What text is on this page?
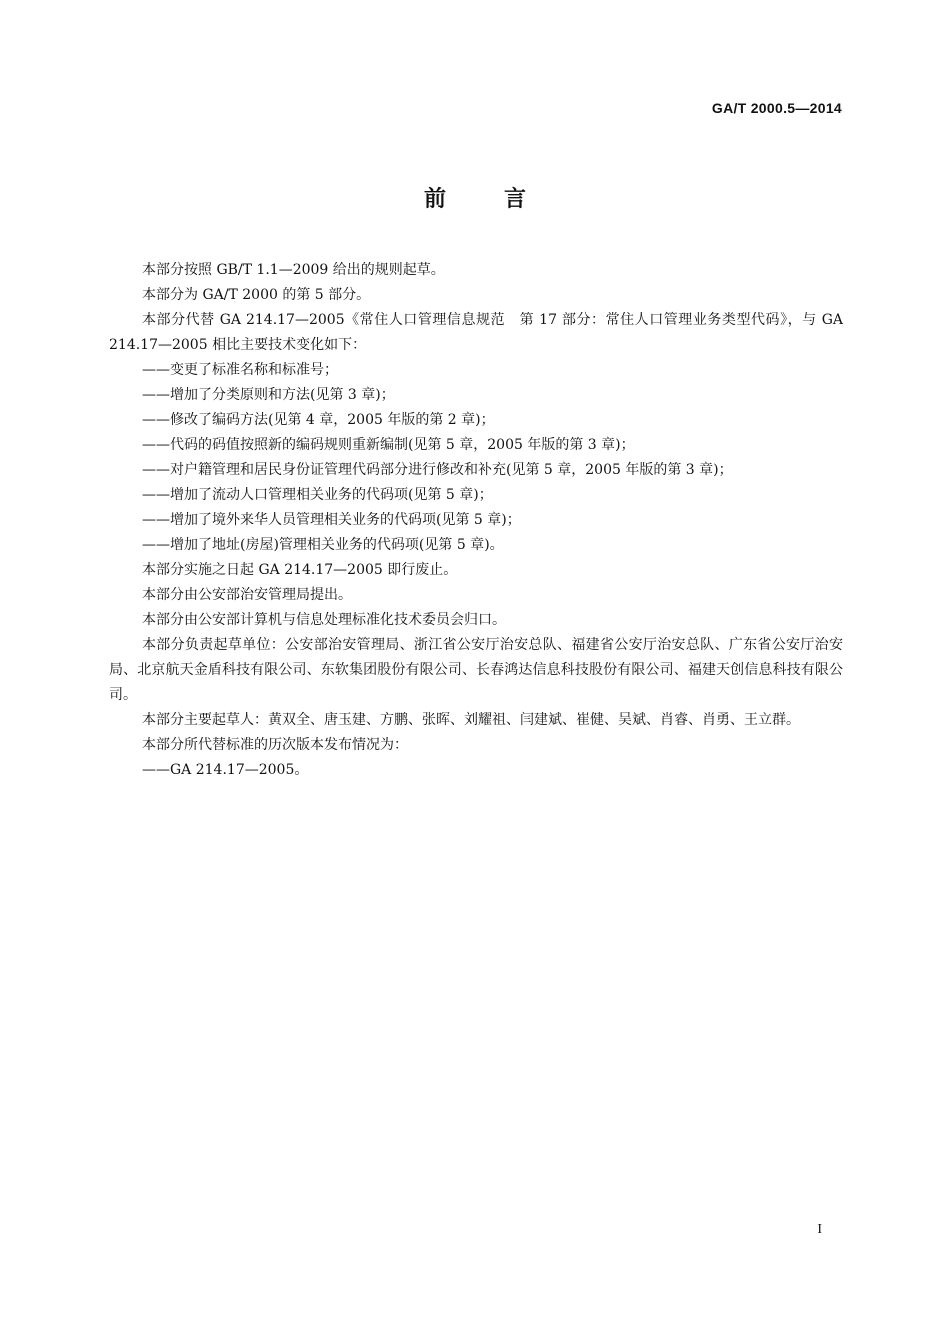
GA/T 2000.5—2014
前言

本部分按照 GB/T 1.1—2009 给出的规则起草。

本部分为 GA/T 2000 的第 5 部分。

本部分代替 GA 214.17—2005《常住人口管理信息规范　第 17 部分：常住人口管理业务类型代码》，与 GA 214.17—2005 相比主要技术变化如下：

——变更了标准名称和标准号；

——增加了分类原则和方法(见第 3 章)；

——修改了编码方法(见第 4 章，2005 年版的第 2 章)；

——代码的码值按照新的编码规则重新编制(见第 5 章，2005 年版的第 3 章)；

——对户籍管理和居民身份证管理代码部分进行修改和补充(见第 5 章，2005 年版的第 3 章)；

——增加了流动人口管理相关业务的代码项(见第 5 章)；

——增加了境外来华人员管理相关业务的代码项(见第 5 章)；

——增加了地址(房屋)管理相关业务的代码项(见第 5 章)。

本部分实施之日起 GA 214.17—2005 即行废止。

本部分由公安部治安管理局提出。

本部分由公安部计算机与信息处理标准化技术委员会归口。

本部分负责起草单位：公安部治安管理局、浙江省公安厅治安总队、福建省公安厅治安总队、广东省公安厅治安局、北京航天金盾科技有限公司、东软集团股份有限公司、长春鸿达信息科技股份有限公司、福建天创信息科技有限公司。

本部分主要起草人：黄双全、唐玉建、方鹏、张晖、刘耀祖、闫建斌、崔健、吴斌、肖睿、肖勇、王立群。

本部分所代替标准的历次版本发布情况为：

——GA 214.17—2005。

I
